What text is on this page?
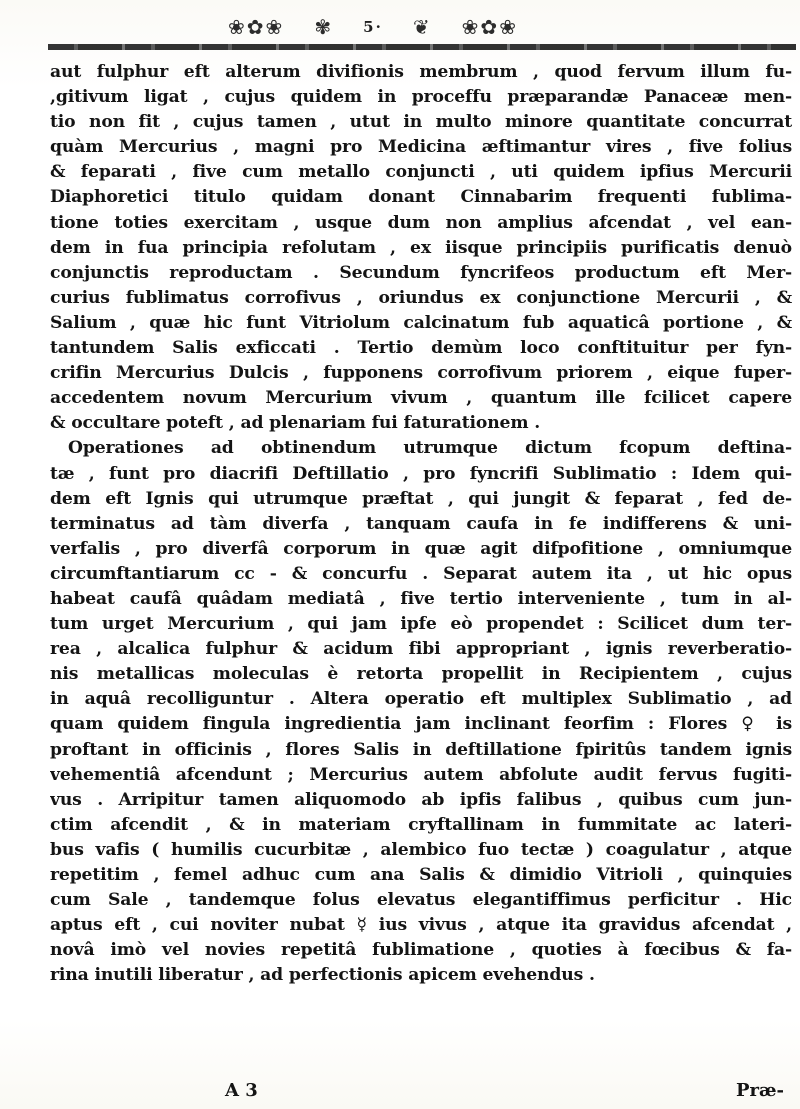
❀✿❀ ✾ 5· ❦ ❀✿❀
aut fulphur eft alterum divifionis membrum , quod fervum illum fu-
,gitivum ligat , cujus quidem in proceffu præparandæ Panaceæ men-
tio non fit , cujus tamen , utut in multo minore quantitate concurrat
quàm Mercurius , magni pro Medicina æftimantur vires , five folius
& feparati , five cum metallo conjuncti , uti quidem ipfius Mercurii
Diaphoretici titulo quidam donant Cinnabarim frequenti fublima-
tione toties exercitam , usque dum non amplius afcendat , vel ean-
dem in fua principia refolutam , ex iisque principiis purificatis denuò
conjunctis reproductam . Secundum fyncrifeos productum eft Mer-
curius fublimatus corrofivus , oriundus ex conjunctione Mercurii , &
Salium , quæ hic funt Vitriolum calcinatum fub aquaticâ portione , &
tantundem Salis exficcati . Tertio demùm loco conftituitur per fyn-
crifin Mercurius Dulcis , fupponens corrofivum priorem , eique fuper-
accedentem novum Mercurium vivum , quantum ille fcilicet capere
& occultare poteft , ad plenariam fui faturationem .
Operationes ad obtinendum utrumque dictum fcopum deftina-
tæ , funt pro diacrifi Deftillatio , pro fyncrifi Sublimatio : Idem qui-
dem eft Ignis qui utrumque præftat , qui jungit & feparat , fed de-
terminatus ad tàm diverfa , tanquam caufa in fe indifferens & uni-
verfalis , pro diverfâ corporum in quæ agit difpofitione , omniumque
circumftantiarum cc - & concurfu . Separat autem ita , ut hic opus
habeat caufâ quâdam mediatâ , five tertio interveniente , tum in al-
tum urget Mercurium , qui jam ipfe eò propendet : Scilicet dum ter-
rea , alcalica fulphur & acidum fibi appropriant , ignis reverberatio-
nis metallicas moleculas è retorta propellit in Recipientem , cujus
in aquâ recolliguntur . Altera operatio eft multiplex Sublimatio , ad
quam quidem fingula ingredientia jam inclinant feorfim : Flores ♀ is
proftant in officinis , flores Salis in deftillatione fpiritûs tandem ignis
vehementiâ afcendunt ; Mercurius autem abfolute audit fervus fugiti-
vus . Arripitur tamen aliquomodo ab ipfis falibus , quibus cum jun-
ctim afcendit , & in materiam cryftallinam in fummitate ac lateri-
bus vafis ( humilis cucurbitæ , alembico fuo tectæ ) coagulatur , atque
repetitim , femel adhuc cum ana Salis & dimidio Vitrioli , quinquies
cum Sale , tandemque folus elevatus elegantiffimus perficitur . Hic
aptus eft , cui noviter nubat ☿ ius vivus , atque ita gravidus afcendat ,
novâ imò vel novies repetitâ fublimatione , quoties à fœcibus & fa-
rina inutili liberatur , ad perfectionis apicem evehendus .
A 3	Præ-
